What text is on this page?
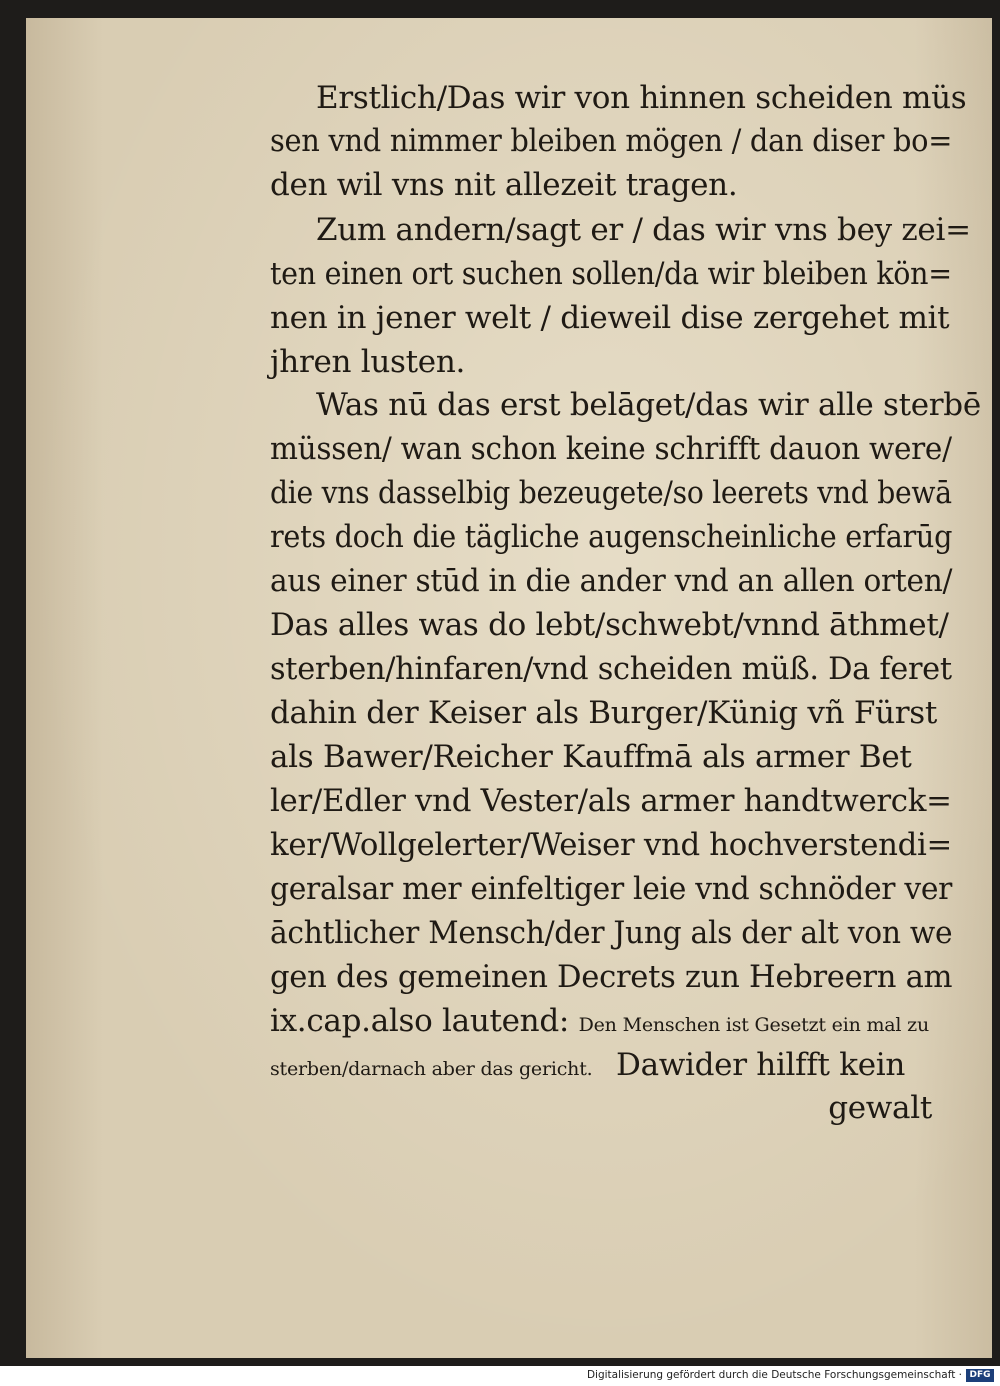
Erstlich/Das wir von hinnen scheiden müs
sen vnd nimmer bleiben mögen / dan diser bo=
den wil vns nit allezeit tragen.
Zum andern/sagt er / das wir vns bey zei=
ten einen ort suchen sollen/da wir bleiben kön=
nen in jener welt / dieweil dise zergehet mit
jhren lusten.
Was nū das erst belāget/das wir alle sterbē
müssen/ wan schon keine schrifft dauon were/
die vns dasselbig bezeugete/so leerets vnd bewā
rets doch die tägliche augenscheinliche erfarūg
aus einer stūd in die ander vnd an allen orten/
Das alles was do lebt/schwebt/vnnd āthmet/
sterben/hinfaren/vnd scheiden müß. Da feret
dahin der Keiser als Burger/Künig vñ Fürst
als Bawer/Reicher Kauffmā als armer Bet
ler/Edler vnd Vester/als armer handtwerck=
ker/Wollgelerter/Weiser vnd hochverstendi=
geralsar mer einfeltiger leie vnd schnöder ver
āchtlicher Mensch/der Jung als der alt von we
gen des gemeinen Decrets zun Hebreern am
ix.cap.also lautend: Den Menschen ist Gesetzt ein mal zu
sterben/darnach aber das gericht. Dawider hilfft kein
gewalt
Digitalisierung gefördert durch die Deutsche Forschungsgemeinschaft · DFG
